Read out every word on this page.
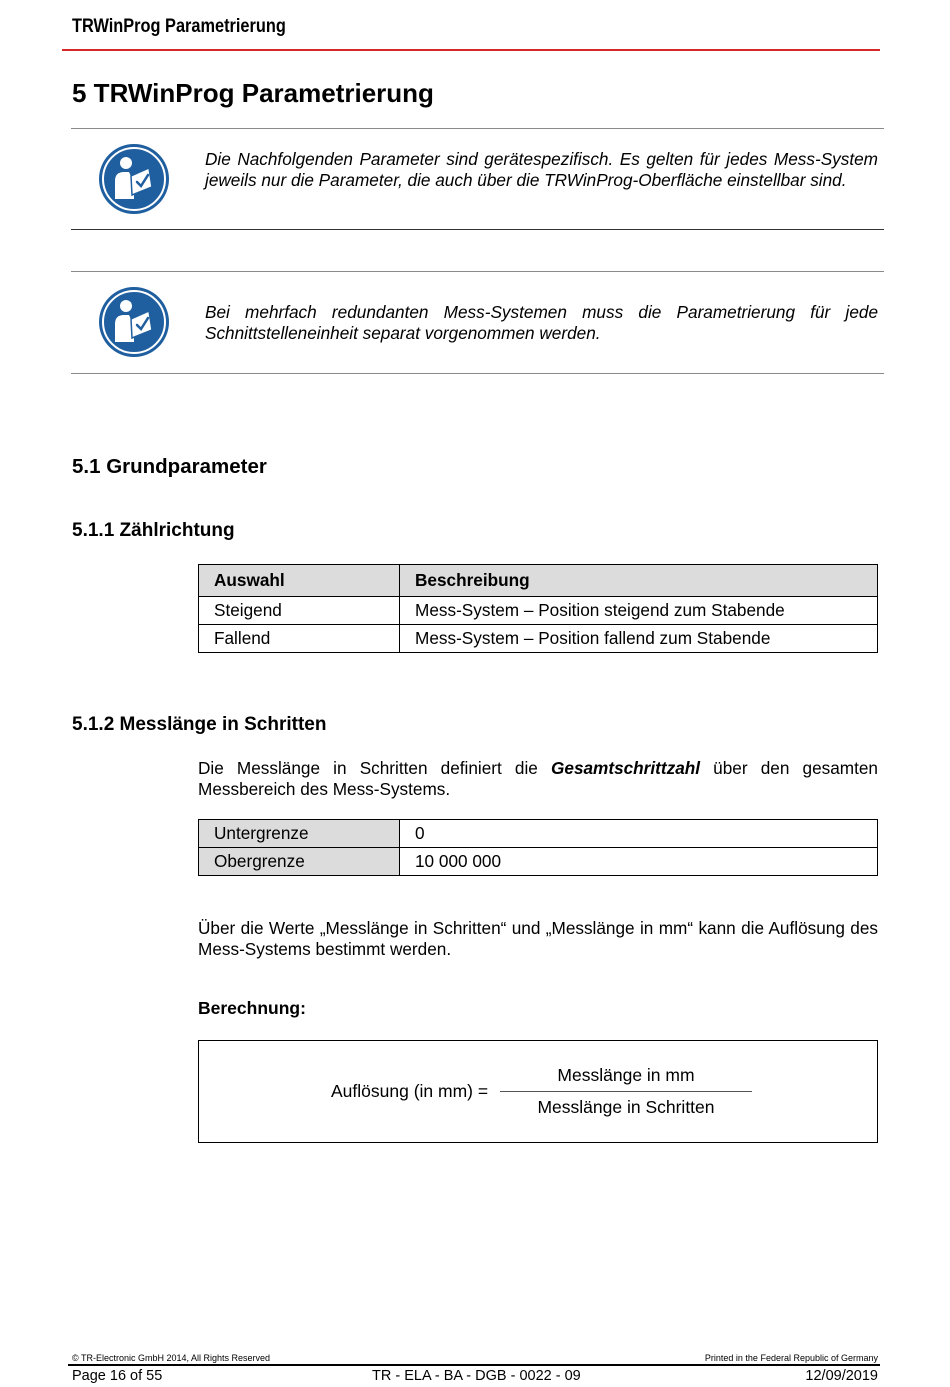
TRWinProg Parametrierung
5 TRWinProg Parametrierung
Die Nachfolgenden Parameter sind gerätespezifisch. Es gelten für jedes Mess-System jeweils nur die Parameter, die auch über die TRWinProg-Oberfläche einstellbar sind.
Bei mehrfach redundanten Mess-Systemen muss die Parametrierung für jede Schnittstelleneinheit separat vorgenommen werden.
5.1 Grundparameter
5.1.1 Zählrichtung
Auswahl	Beschreibung
Steigend	Mess-System – Position steigend zum Stabende
Fallend	Mess-System – Position fallend zum Stabende
5.1.2 Messlänge in Schritten
Die Messlänge in Schritten definiert die Gesamtschrittzahl über den gesamten Messbereich des Mess-Systems.
Untergrenze	0
Obergrenze	10 000 000
Über die Werte „Messlänge in Schritten“ und „Messlänge in mm“ kann die Auflösung des Mess-Systems bestimmt werden.
Berechnung:
Auflösung (in mm) =
Messlänge in mm
Messlänge in Schritten
© TR-Electronic GmbH 2014, All Rights Reserved	Printed in the Federal Republic of Germany
Page 16 of 55	TR - ELA - BA - DGB - 0022 - 09	12/09/2019
